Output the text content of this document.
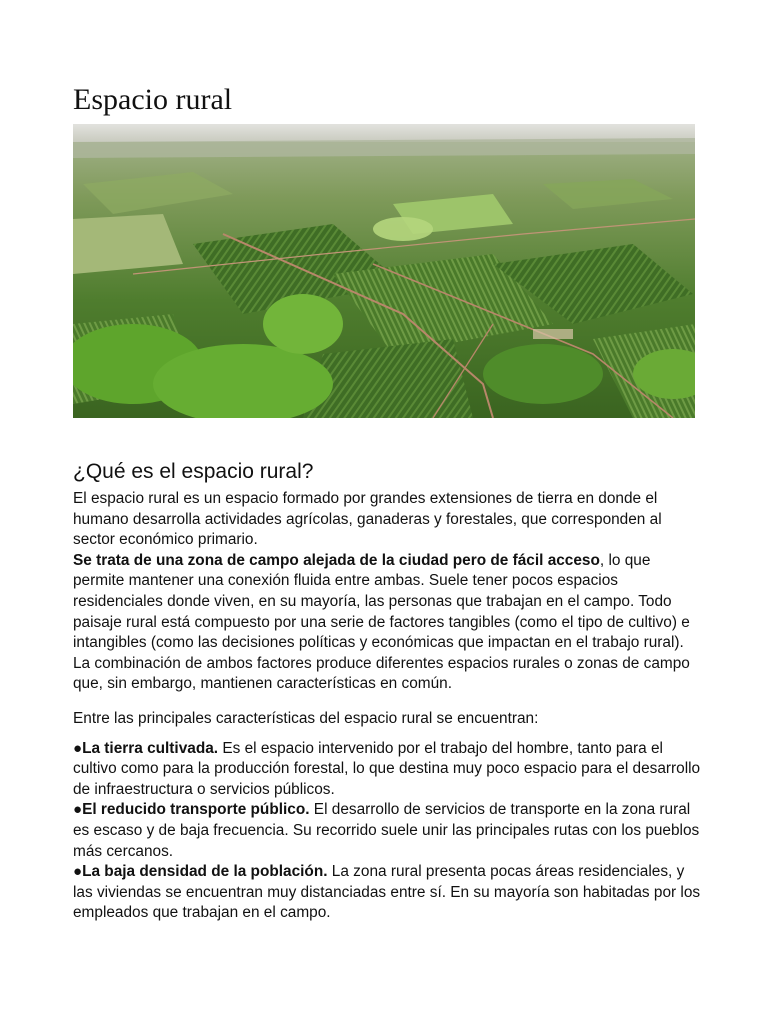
Espacio rural
¿Qué es el espacio rural?

El espacio rural es un espacio formado por grandes extensiones de tierra en donde el humano desarrolla actividades agrícolas, ganaderas y forestales, que corresponden al sector económico primario.

Se trata de una zona de campo alejada de la ciudad pero de fácil acceso, lo que permite mantener una conexión fluida entre ambas. Suele tener pocos espacios residenciales donde viven, en su mayoría, las personas que trabajan en el campo. Todo paisaje rural está compuesto por una serie de factores tangibles (como el tipo de cultivo) e intangibles (como las decisiones políticas y económicas que impactan en el trabajo rural). La combinación de ambos factores produce diferentes espacios rurales o zonas de campo que, sin embargo, mantienen características en común.

Entre las principales características del espacio rural se encuentran:

●La tierra cultivada. Es el espacio intervenido por el trabajo del hombre, tanto para el cultivo como para la producción forestal, lo que destina muy poco espacio para el desarrollo de infraestructura o servicios públicos.

●El reducido transporte público. El desarrollo de servicios de transporte en la zona rural es escaso y de baja frecuencia. Su recorrido suele unir las principales rutas con los pueblos más cercanos.

●La baja densidad de la población. La zona rural presenta pocas áreas residenciales, y las viviendas se encuentran muy distanciadas entre sí. En su mayoría son habitadas por los empleados que trabajan en el campo.
